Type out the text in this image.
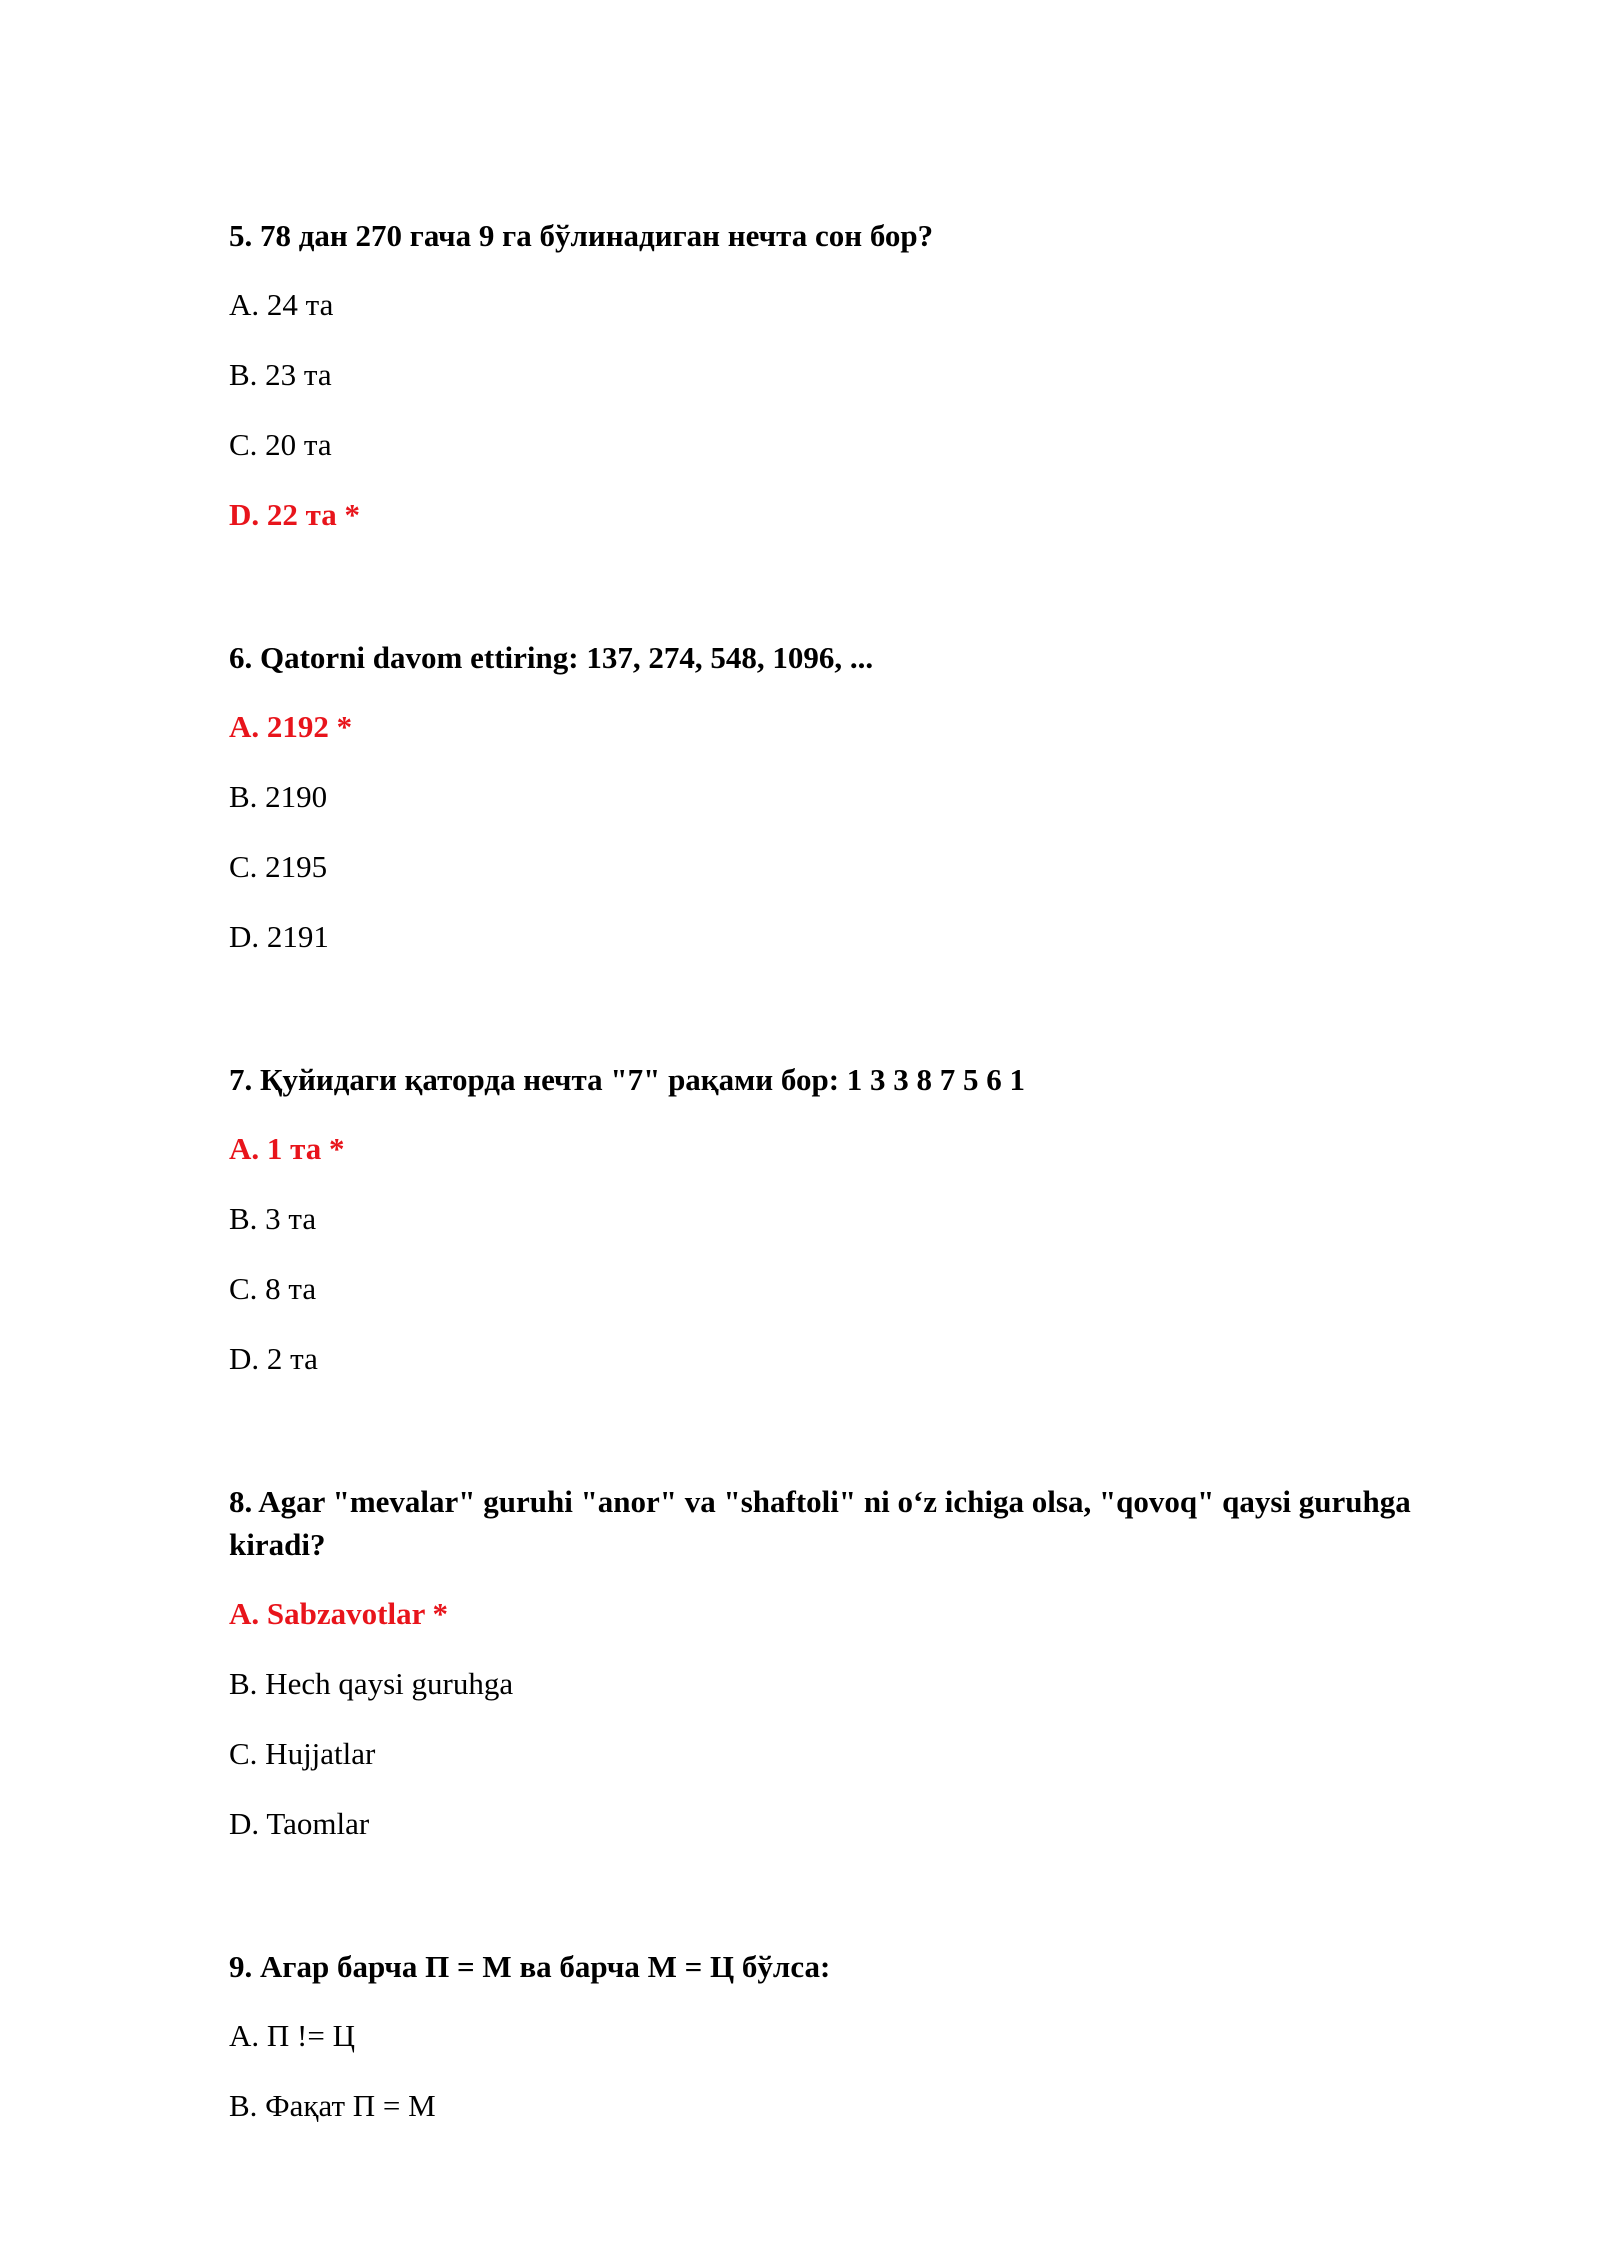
5. 78 дан 270 гача 9 га бўлинадиган нечта сон бор?

A. 24 та
B. 23 та
C. 20 та
D. 22 та *

6. Qatorni davom ettiring: 137, 274, 548, 1096, ...

A. 2192 *
B. 2190
C. 2195
D. 2191

7. Қуйидаги қаторда нечта "7" рақами бор: 1 3 3 8 7 5 6 1

A. 1 та *
B. 3 та
C. 8 та
D. 2 та

8. Agar "mevalar" guruhi "anor" va "shaftoli" ni o‘z ichiga olsa, "qovoq" qaysi guruhga kiradi?

A. Sabzavotlar *
B. Hech qaysi guruhga
C. Hujjatlar
D. Taomlar

9. Агар барча П = М ва барча М = Ц бўлса:

A. П != Ц
B. Фақат П = М
